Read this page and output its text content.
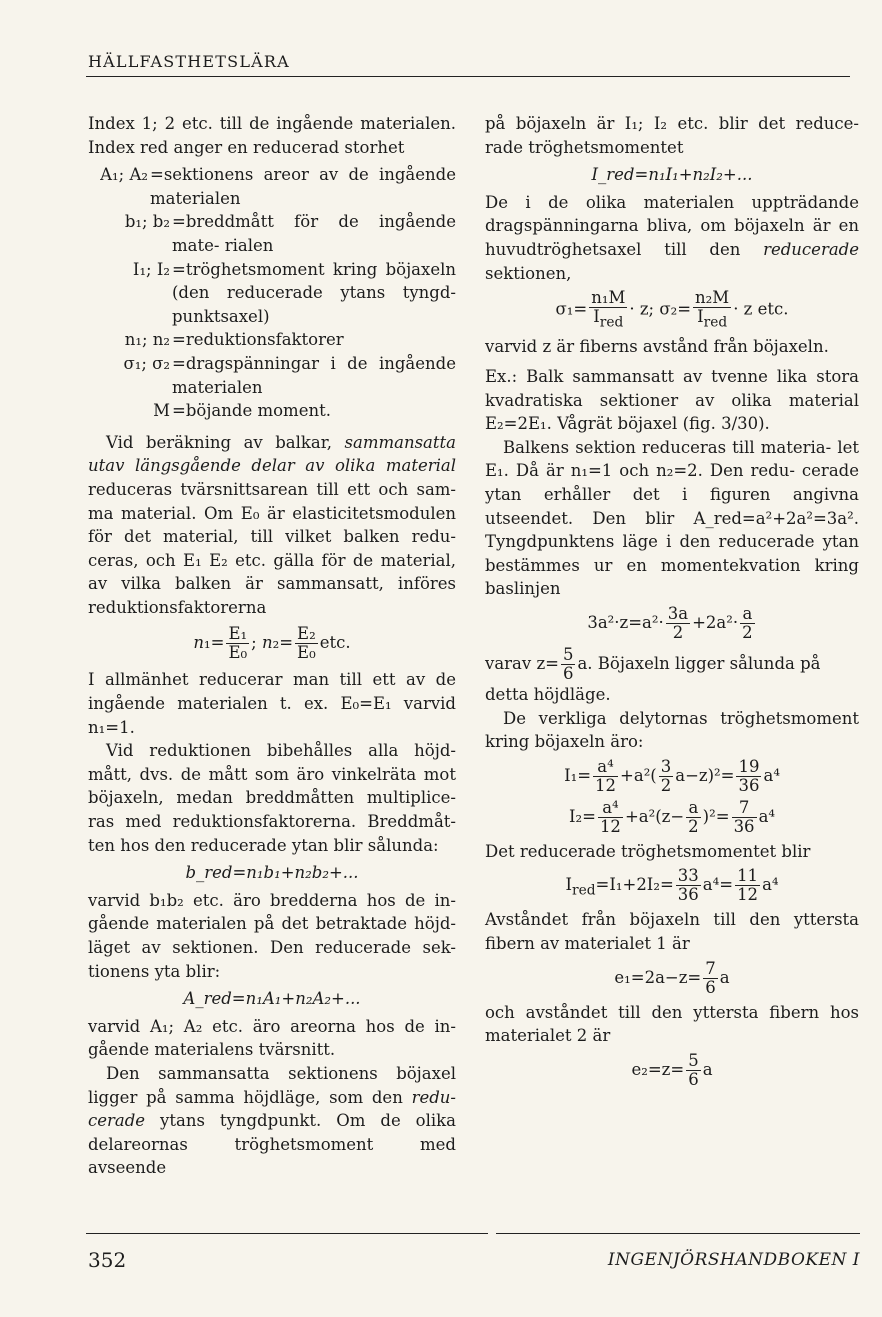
HÄLLFASTHETSLÄRA

Index 1; 2 etc. till de ingående materialen. Index red anger en reducerad storhet

A₁; A₂ =sektionens areor av de ingående materialen
b₁; b₂ =breddmått för de ingående mate- rialen
I₁; I₂ =tröghetsmoment kring böjaxeln (den reducerade ytans tyngd- punktsaxel)
n₁; n₂ =reduktionsfaktorer
σ₁; σ₂ =dragspänningar i de ingående materialen
M =böjande moment.

Vid beräkning av balkar, sammansatta utav längsgående delar av olika material reduceras tvärsnittsarean till ett och sam- ma material. Om E₀ är elasticitetsmodulen för det material, till vilket balken redu- ceras, och E₁ E₂ etc. gälla för de material, av vilka balken är sammansatt, införes reduktionsfaktorerna

$n_1= \frac{\text{E₁}}{\text{E₀}}$ ; $n_2= \frac{\text{E₂}}{\text{E₀}}$ etc.

I allmänhet reducerar man till ett av de ingående materialen t. ex. E₀=E₁ varvid n₁=1.

Vid reduktionen bibehålles alla höjd- mått, dvs. de mått som äro vinkelräta mot böjaxeln, medan breddmåtten multiplice- ras med reduktionsfaktorerna. Breddmåt- ten hos den reducerade ytan blir sålunda:

b_red=n₁b₁+n₂b₂+...

varvid b₁b₂ etc. äro bredderna hos de in- gående materialen på det betraktade höjd- läget av sektionen. Den reducerade sek- tionens yta blir:

A_red=n₁A₁+n₂A₂+...

varvid A₁; A₂ etc. äro areorna hos de in- gående materialens tvärsnitt.

Den sammansatta sektionens böjaxel ligger på samma höjdläge, som den redu- cerade ytans tyngdpunkt. Om de olika delareornas tröghetsmoment med avseende

på böjaxeln är I₁; I₂ etc. blir det reduce- rade tröghetsmomentet

I_red=n₁I₁+n₂I₂+...

De i de olika materialen uppträdande dragspänningarna bliva, om böjaxeln är en huvudtröghetsaxel till den reducerade sektionen,

$\sigma_1= \frac{\text{n₁M}}{I_{red}} \cdot z$; $\sigma_2= \frac{\text{n₂M}}{I_{red}} \cdot z$ etc.

varvid z är fiberns avstånd från böjaxeln.

Ex.: Balk sammansatt av tvenne lika stora kvadratiska sektioner av olika material E₂=2E₁. Vågrät böjaxel (fig. 3/30).

Balkens sektion reduceras till materia- let E₁. Då är n₁=1 och n₂=2. Den redu- cerade ytan erhåller det i figuren angivna utseendet. Den blir A_red=a²+2a²=3a². Tyngdpunktens läge i den reducerade ytan bestämmes ur en momentekvation kring baslinjen

$3a^2\cdot z=a^2\cdot \frac{3a}{2} +2a^2\cdot \frac{a}{2}$

varav $z= \frac{5}{6} a$. Böjaxeln ligger sålunda på

detta höjdläge.

De verkliga delytornas tröghetsmoment kring böjaxeln äro:

$I_1= \frac{\text{a⁴}}{12} +a^2( \frac{3}{2} a-z)^2= \frac{19}{36} a^4$
$I_2= \frac{\text{a⁴}}{12} +a^2(z- \frac{a}{2} )^2= \frac{7}{36} a^4$

Det reducerade tröghetsmomentet blir

$I_{red}=I_1+2I_2= \frac{33}{36} a^4= \frac{11}{12} a^4$

Avståndet från böjaxeln till den yttersta fibern av materialet 1 är

$e_1=2a-z= \frac{7}{6}$ a

och avståndet till den yttersta fibern hos materialet 2 är

$e_2=z= \frac{5}{6}$ a
352	INGENJÖRSHANDBOKEN I
